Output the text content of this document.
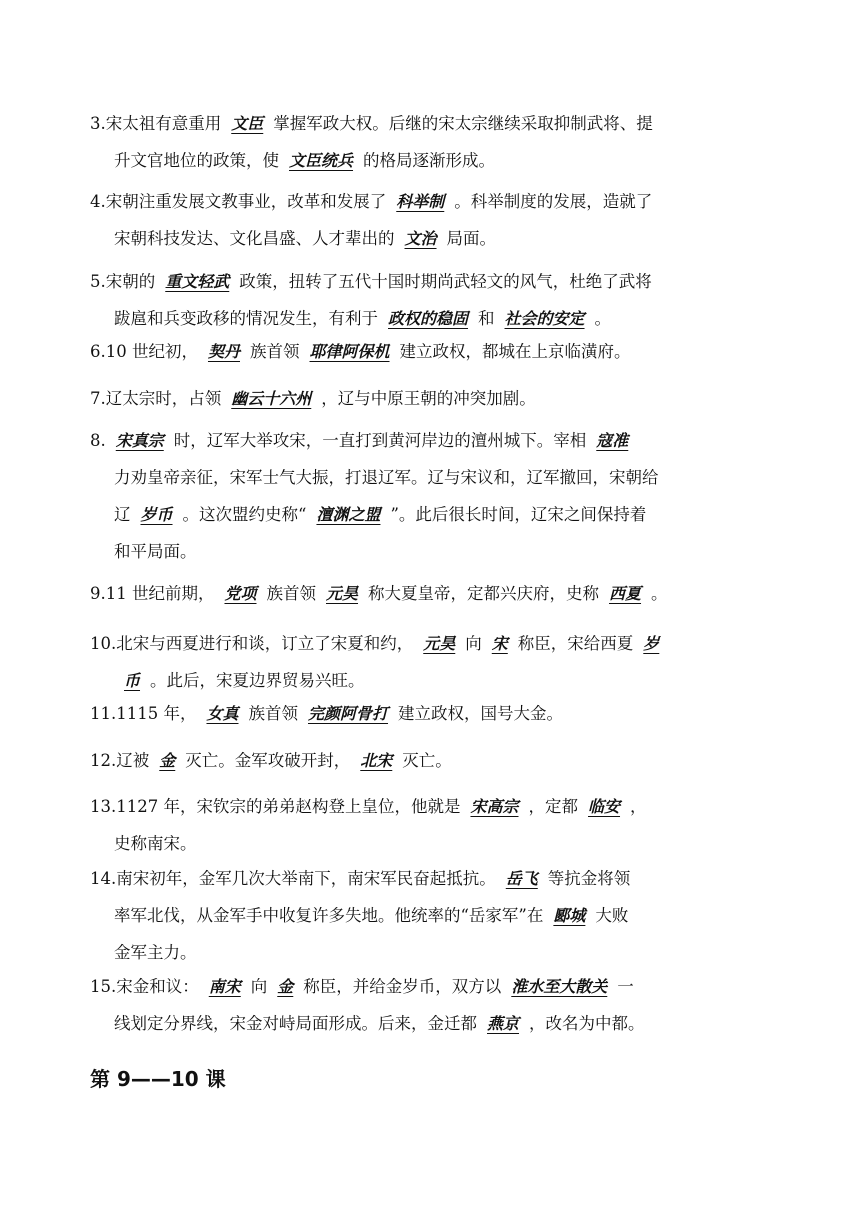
3.宋太祖有意重用 文臣 掌握军政大权。后继的宋太宗继续采取抑制武将、提
升文官地位的政策，使 文臣统兵 的格局逐渐形成。
4.宋朝注重发展文教事业，改革和发展了 科举制 。科举制度的发展，造就了
宋朝科技发达、文化昌盛、人才辈出的 文治 局面。
5.宋朝的 重文轻武 政策，扭转了五代十国时期尚武轻文的风气，杜绝了武将
跋扈和兵变政移的情况发生，有利于 政权的稳固 和 社会的安定 。
6.10 世纪初， 契丹 族首领 耶律阿保机 建立政权，都城在上京临潢府。
7.辽太宗时，占领 幽云十六州 ，辽与中原王朝的冲突加剧。
8. 宋真宗 时，辽军大举攻宋，一直打到黄河岸边的澶州城下。宰相 寇准
力劝皇帝亲征，宋军士气大振，打退辽军。辽与宋议和，辽军撤回，宋朝给
辽 岁币 。这次盟约史称“ 澶渊之盟 ”。此后很长时间，辽宋之间保持着
和平局面。
9.11 世纪前期， 党项 族首领 元昊 称大夏皇帝，定都兴庆府，史称 西夏 。
10.北宋与西夏进行和谈，订立了宋夏和约， 元昊 向 宋 称臣，宋给西夏 岁
币 。此后，宋夏边界贸易兴旺。
11.1115 年， 女真 族首领 完颜阿骨打 建立政权，国号大金。
12.辽被 金 灭亡。金军攻破开封， 北宋 灭亡。
13.1127 年，宋钦宗的弟弟赵构登上皇位，他就是 宋高宗 ，定都 临安 ，
史称南宋。
14.南宋初年，金军几次大举南下，南宋军民奋起抵抗。 岳飞 等抗金将领
率军北伐，从金军手中收复许多失地。他统率的“岳家军”在 郾城 大败
金军主力。
15.宋金和议： 南宋 向 金 称臣，并给金岁币，双方以 淮水至大散关 一
线划定分界线，宋金对峙局面形成。后来，金迁都 燕京 ，改名为中都。
第 9——10 课
